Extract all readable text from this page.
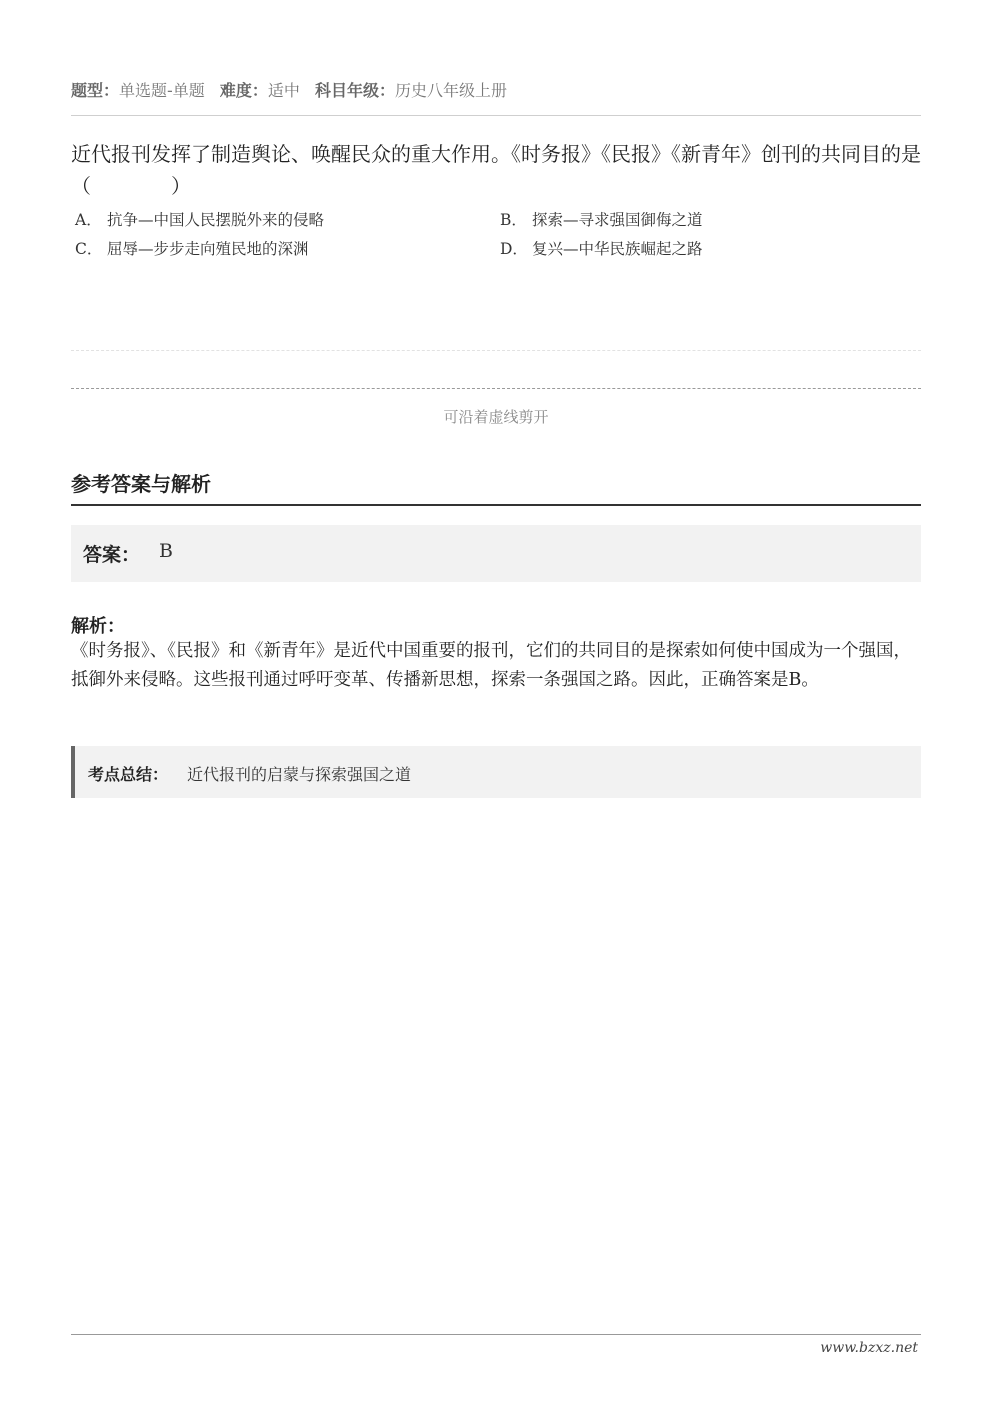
题型：单选题-单题 难度：适中 科目年级：历史八年级上册
近代报刊发挥了制造舆论、唤醒民众的重大作用。《时务报》《民报》《新青年》创刊的共同目的是（　　　　）
A． 抗争—中国人民摆脱外来的侵略	B． 探索—寻求强国御侮之道
C． 屈辱—步步走向殖民地的深渊	D． 复兴—中华民族崛起之路
可沿着虚线剪开
参考答案与解析
答案： B
解析：
《时务报》、《民报》和《新青年》是近代中国重要的报刊，它们的共同目的是探索如何使中国成为一个强国，抵御外来侵略。这些报刊通过呼吁变革、传播新思想，探索一条强国之路。因此，正确答案是B。
考点总结： 近代报刊的启蒙与探索强国之道
www.bzxz.net
